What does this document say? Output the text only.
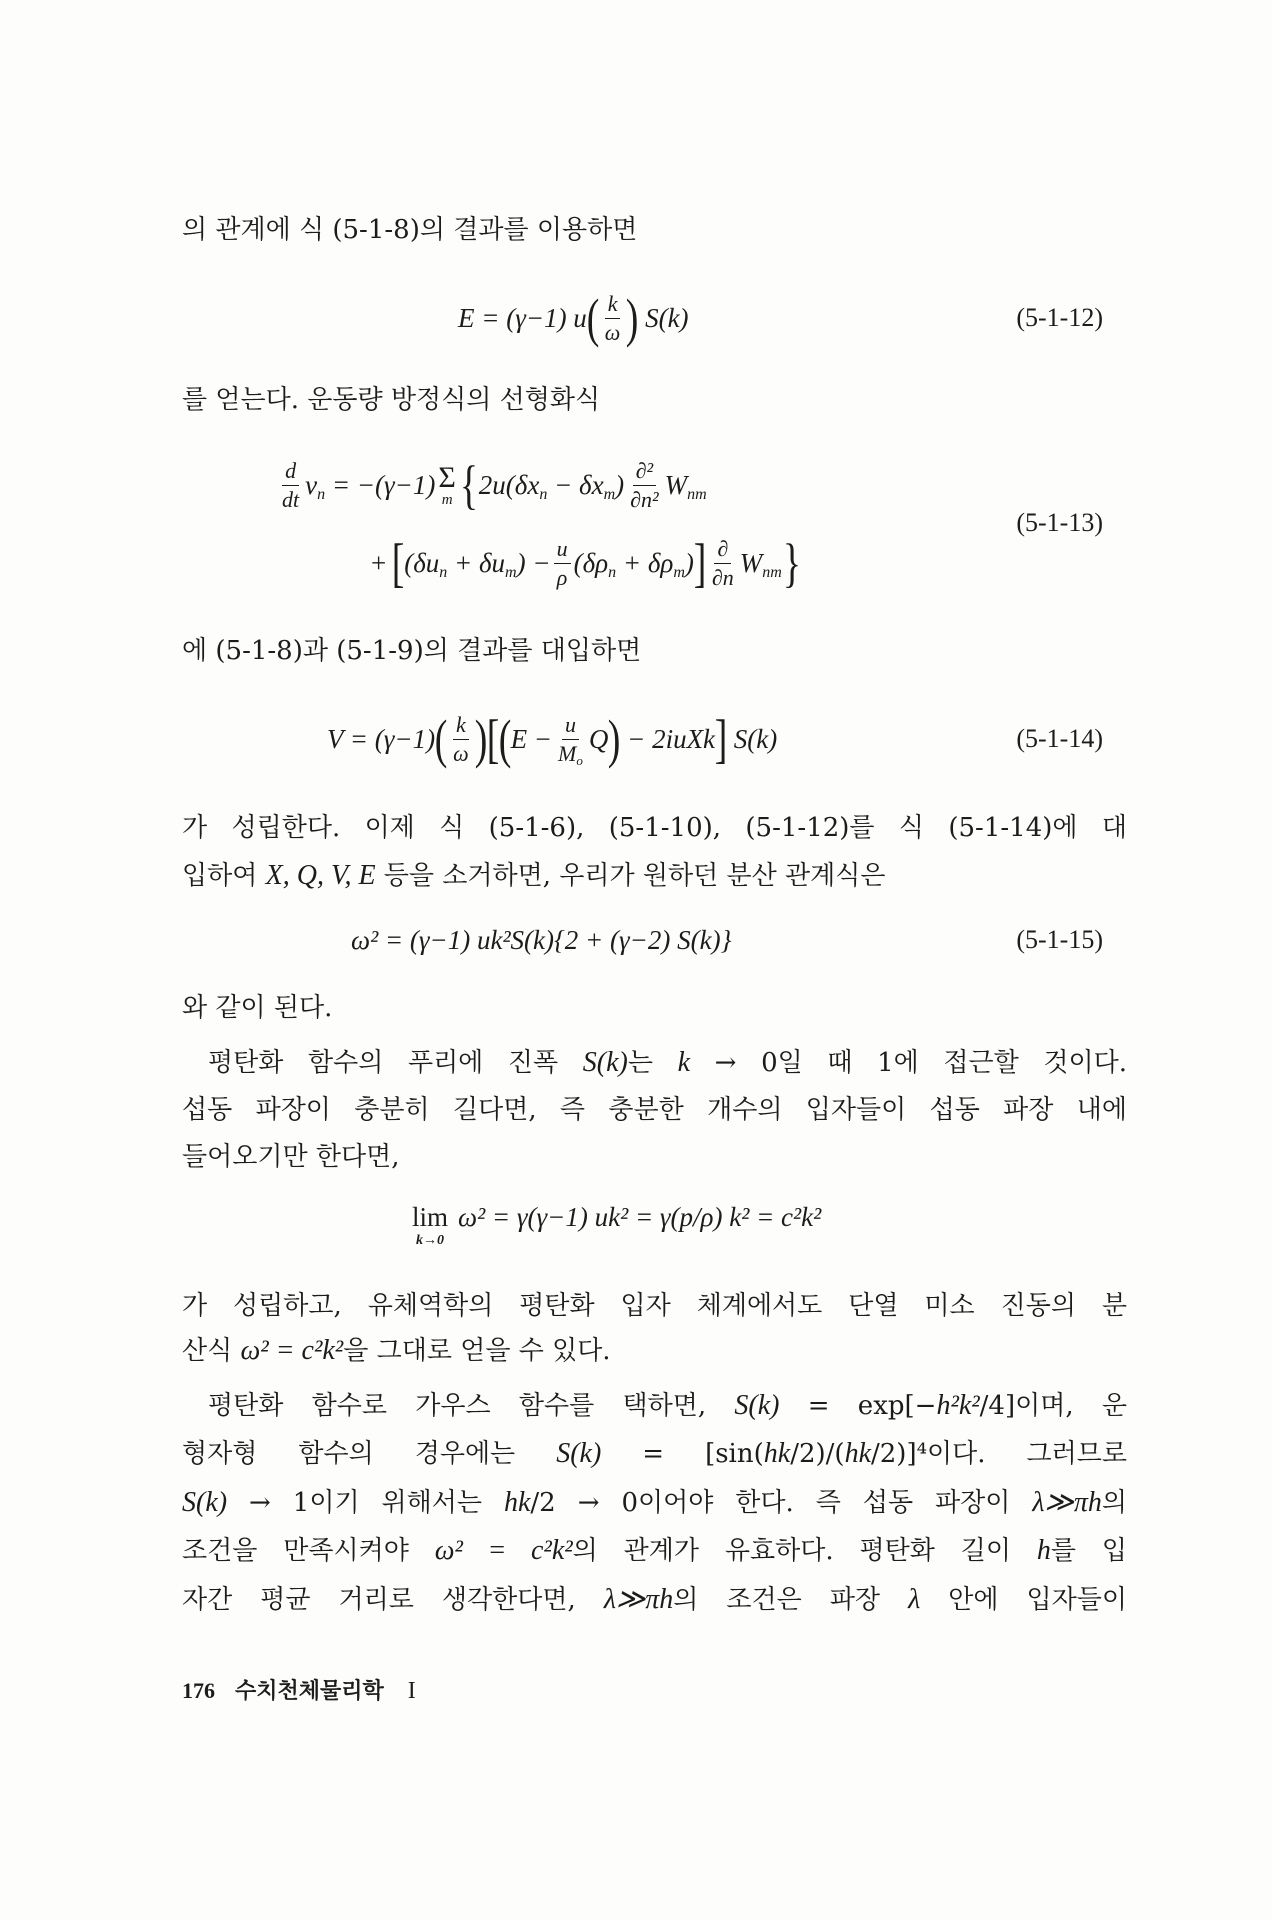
의 관계에 식 (5-1-8)의 결과를 이용하면
E = (γ−1) u ( $\frac{k}{\omega}$ ) S(k)	(5-1-12)
를 얻는다. 운동량 방정식의 선형화식
$\frac{d}{dt} v_n = -(\gamma-1)$ Σ
m { $2u(\delta x_n - \delta x_m) \frac{\text{∂²}}{\text{∂n²}} W_{nm}$
+ [ $(\delta u_n + \delta u_m) - \frac{u}{\rho} (\delta\rho_n + \delta\rho_m)$ ] $\frac{\partial}{\partial n} W_{nm}$ }
(5-1-13)
에 (5-1-8)과 (5-1-9)의 결과를 대입하면
V = (γ−1) ( $\frac{k}{\omega}$ ) [ ( $E - \frac{u}{M_o}$ Q ) − 2iuXk ] S(k)	(5-1-14)
가 성립한다. 이제 식 (5-1-6), (5-1-10), (5-1-12)를 식 (5-1-14)에 대
입하여 X, Q, V, E 등을 소거하면, 우리가 원하던 분산 관계식은
ω² = (γ−1) uk²S(k){2 + (γ−2) S(k)}	(5-1-15)
와 같이 된다.
평탄화 함수의 푸리에 진폭 S(k)는 k → 0일 때 1에 접근할 것이다.
섭동 파장이 충분히 길다면, 즉 충분한 개수의 입자들이 섭동 파장 내에
들어오기만 한다면,
lim
k→0
ω² = γ(γ−1) uk² = γ(p/ρ) k² = c²k²
가 성립하고, 유체역학의 평탄화 입자 체계에서도 단열 미소 진동의 분
산식 ω² = c²k²을 그대로 얻을 수 있다.
평탄화 함수로 가우스 함수를 택하면, S(k) = exp[−h²k²/4]이며, 운
형자형 함수의 경우에는 S(k) = [sin(hk/2)/(hk/2)]⁴이다. 그러므로
S(k) → 1이기 위해서는 hk/2 → 0이어야 한다. 즉 섭동 파장이 λ≫πh의
조건을 만족시켜야 ω² = c²k²의 관계가 유효하다. 평탄화 길이 h를 입
자간 평균 거리로 생각한다면, λ≫πh의 조건은 파장 λ 안에 입자들이
176 수치천체물리학 I
